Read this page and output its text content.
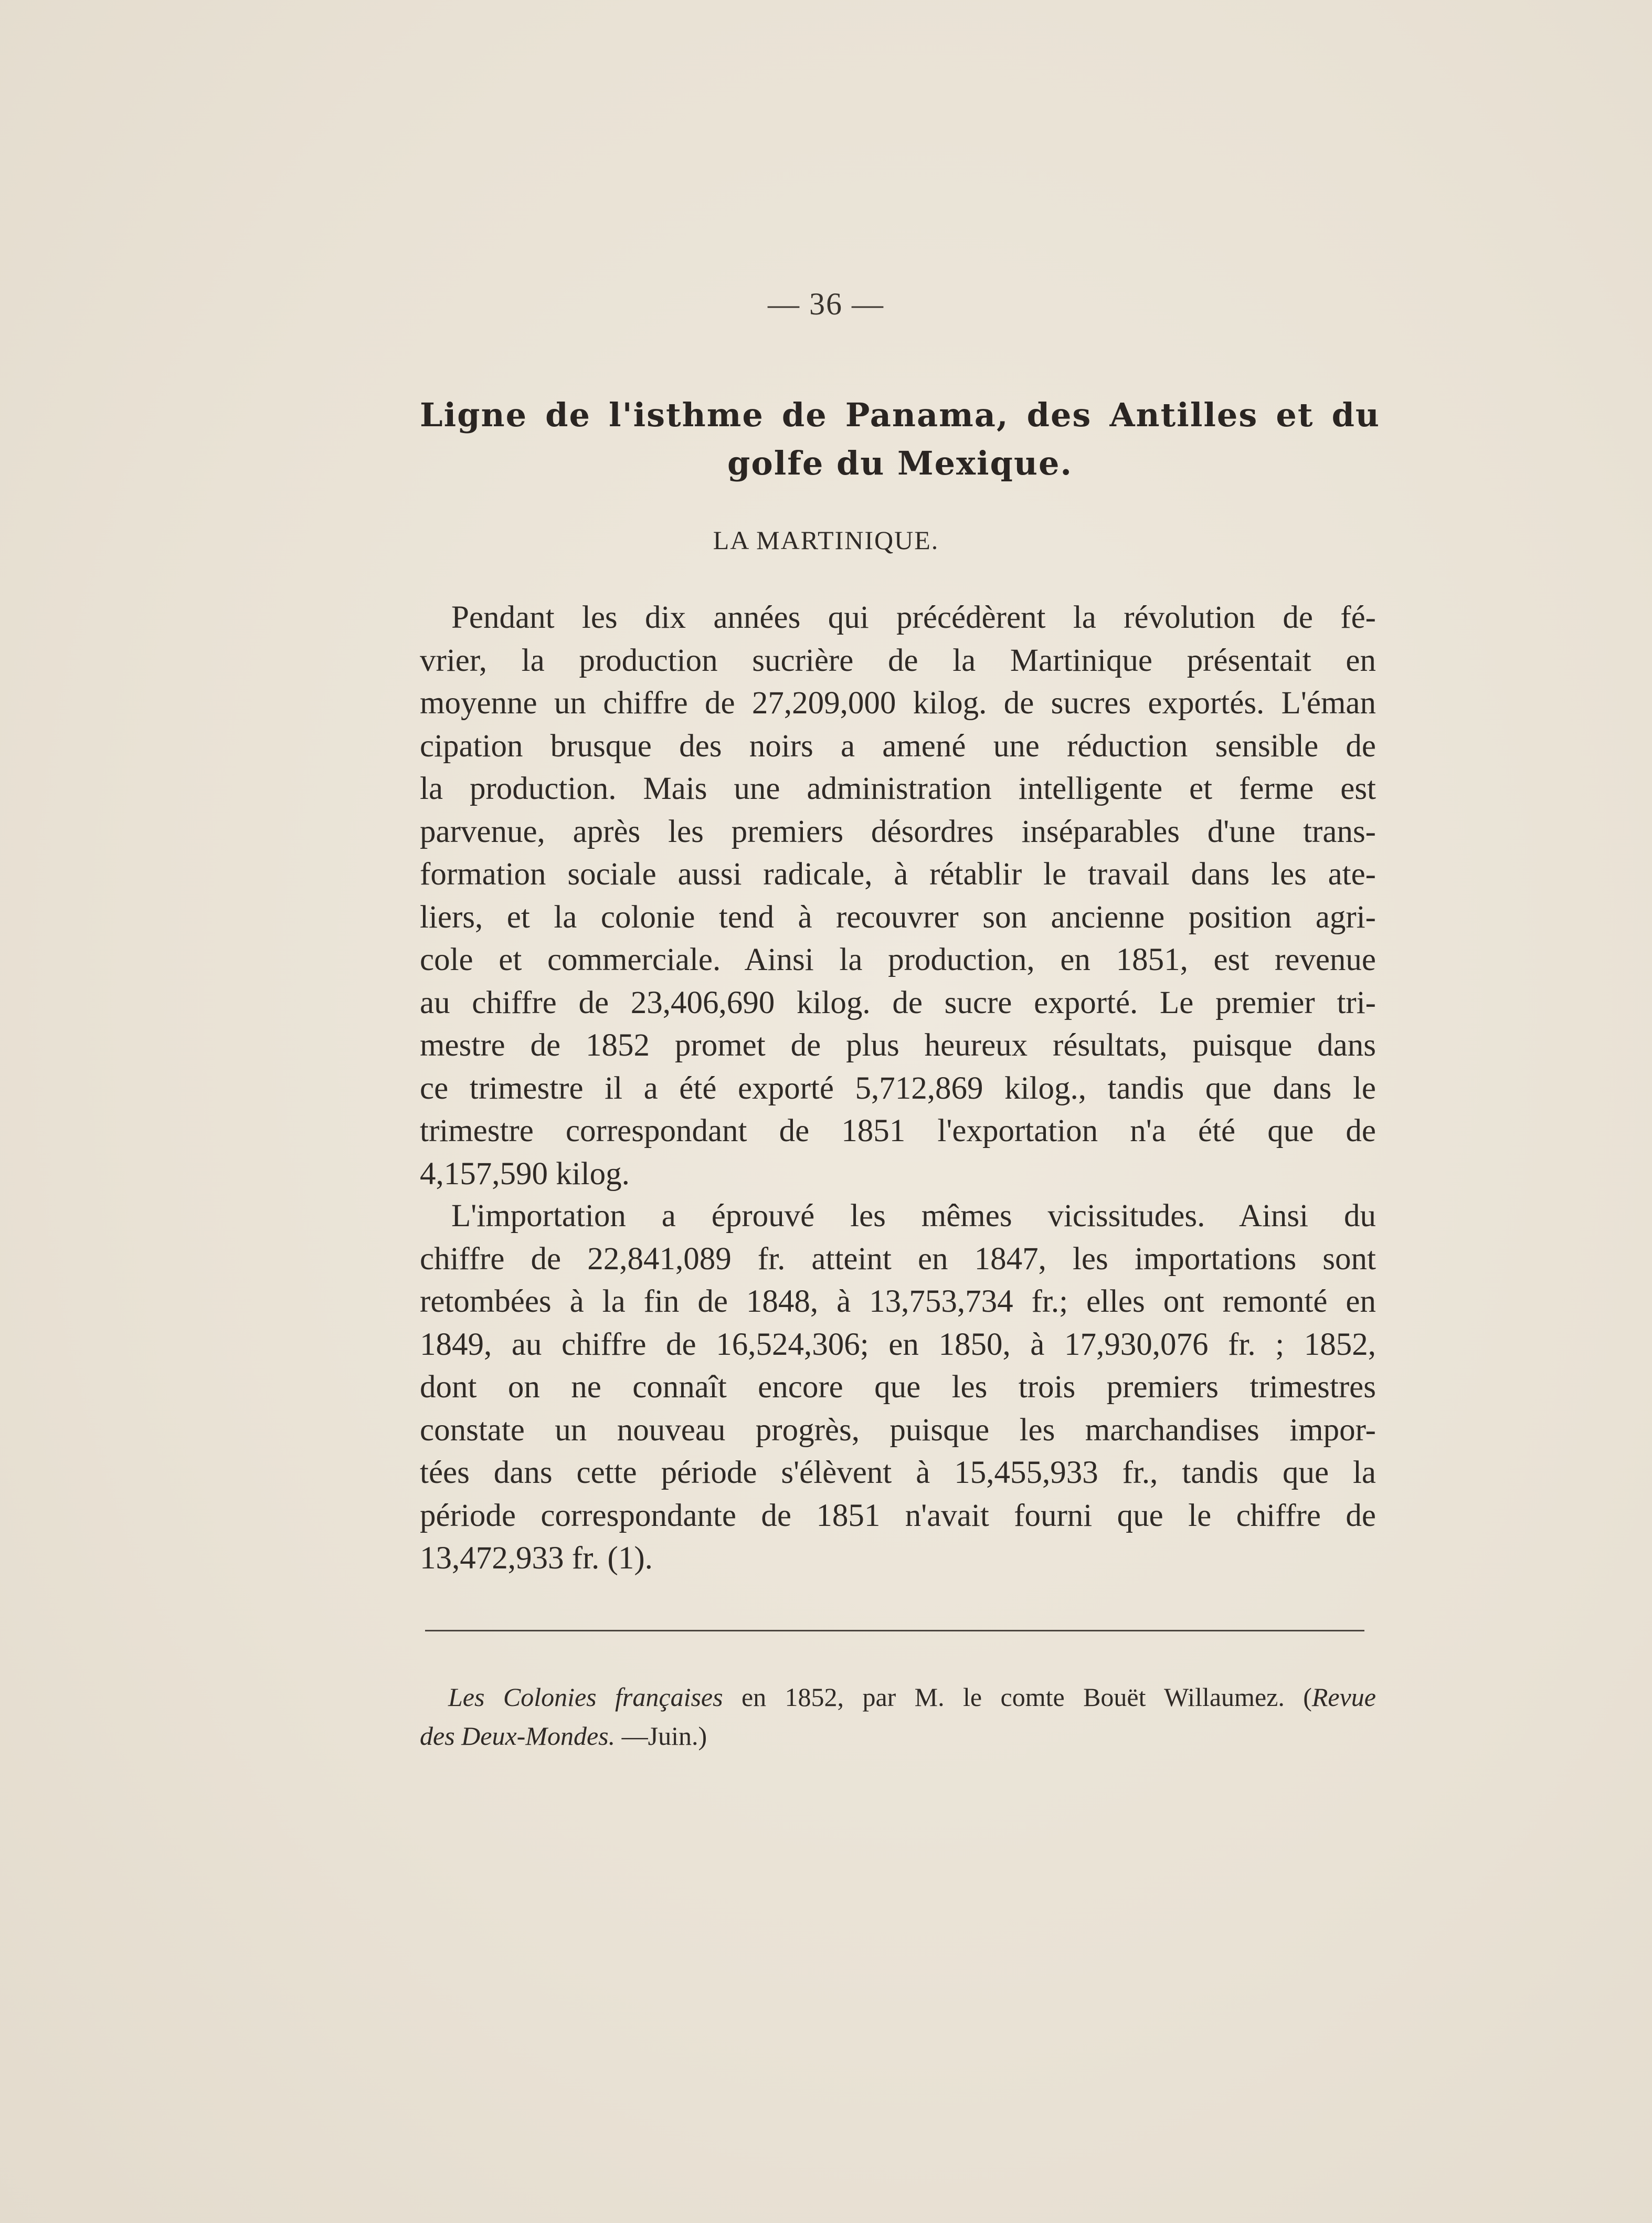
— 36 —
Ligne de l'isthme de Panama, des Antilles et du
golfe du Mexique.
LA MARTINIQUE.
Pendant les dix années qui précédèrent la révolution de fé-
vrier, la production sucrière de la Martinique présentait en
moyenne un chiffre de 27,209,000 kilog. de sucres exportés. L'éman
cipation brusque des noirs a amené une réduction sensible de
la production. Mais une administration intelligente et ferme est
parvenue, après les premiers désordres inséparables d'une trans-
formation sociale aussi radicale, à rétablir le travail dans les ate-
liers, et la colonie tend à recouvrer son ancienne position agri-
cole et commerciale. Ainsi la production, en 1851, est revenue
au chiffre de 23,406,690 kilog. de sucre exporté. Le premier tri-
mestre de 1852 promet de plus heureux résultats, puisque dans
ce trimestre il a été exporté 5,712,869 kilog., tandis que dans le
trimestre correspondant de 1851 l'exportation n'a été que de
4,157,590 kilog.
L'importation a éprouvé les mêmes vicissitudes. Ainsi du
chiffre de 22,841,089 fr. atteint en 1847, les importations sont
retombées à la fin de 1848, à 13,753,734 fr.; elles ont remonté en
1849, au chiffre de 16,524,306; en 1850, à 17,930,076 fr. ; 1852,
dont on ne connaît encore que les trois premiers trimestres
constate un nouveau progrès, puisque les marchandises impor-
tées dans cette période s'élèvent à 15,455,933 fr., tandis que la
période correspondante de 1851 n'avait fourni que le chiffre de
13,472,933 fr. (1).
Les Colonies françaises en 1852, par M. le comte Bouët Willaumez. (Revue
des Deux-Mondes. —Juin.)
